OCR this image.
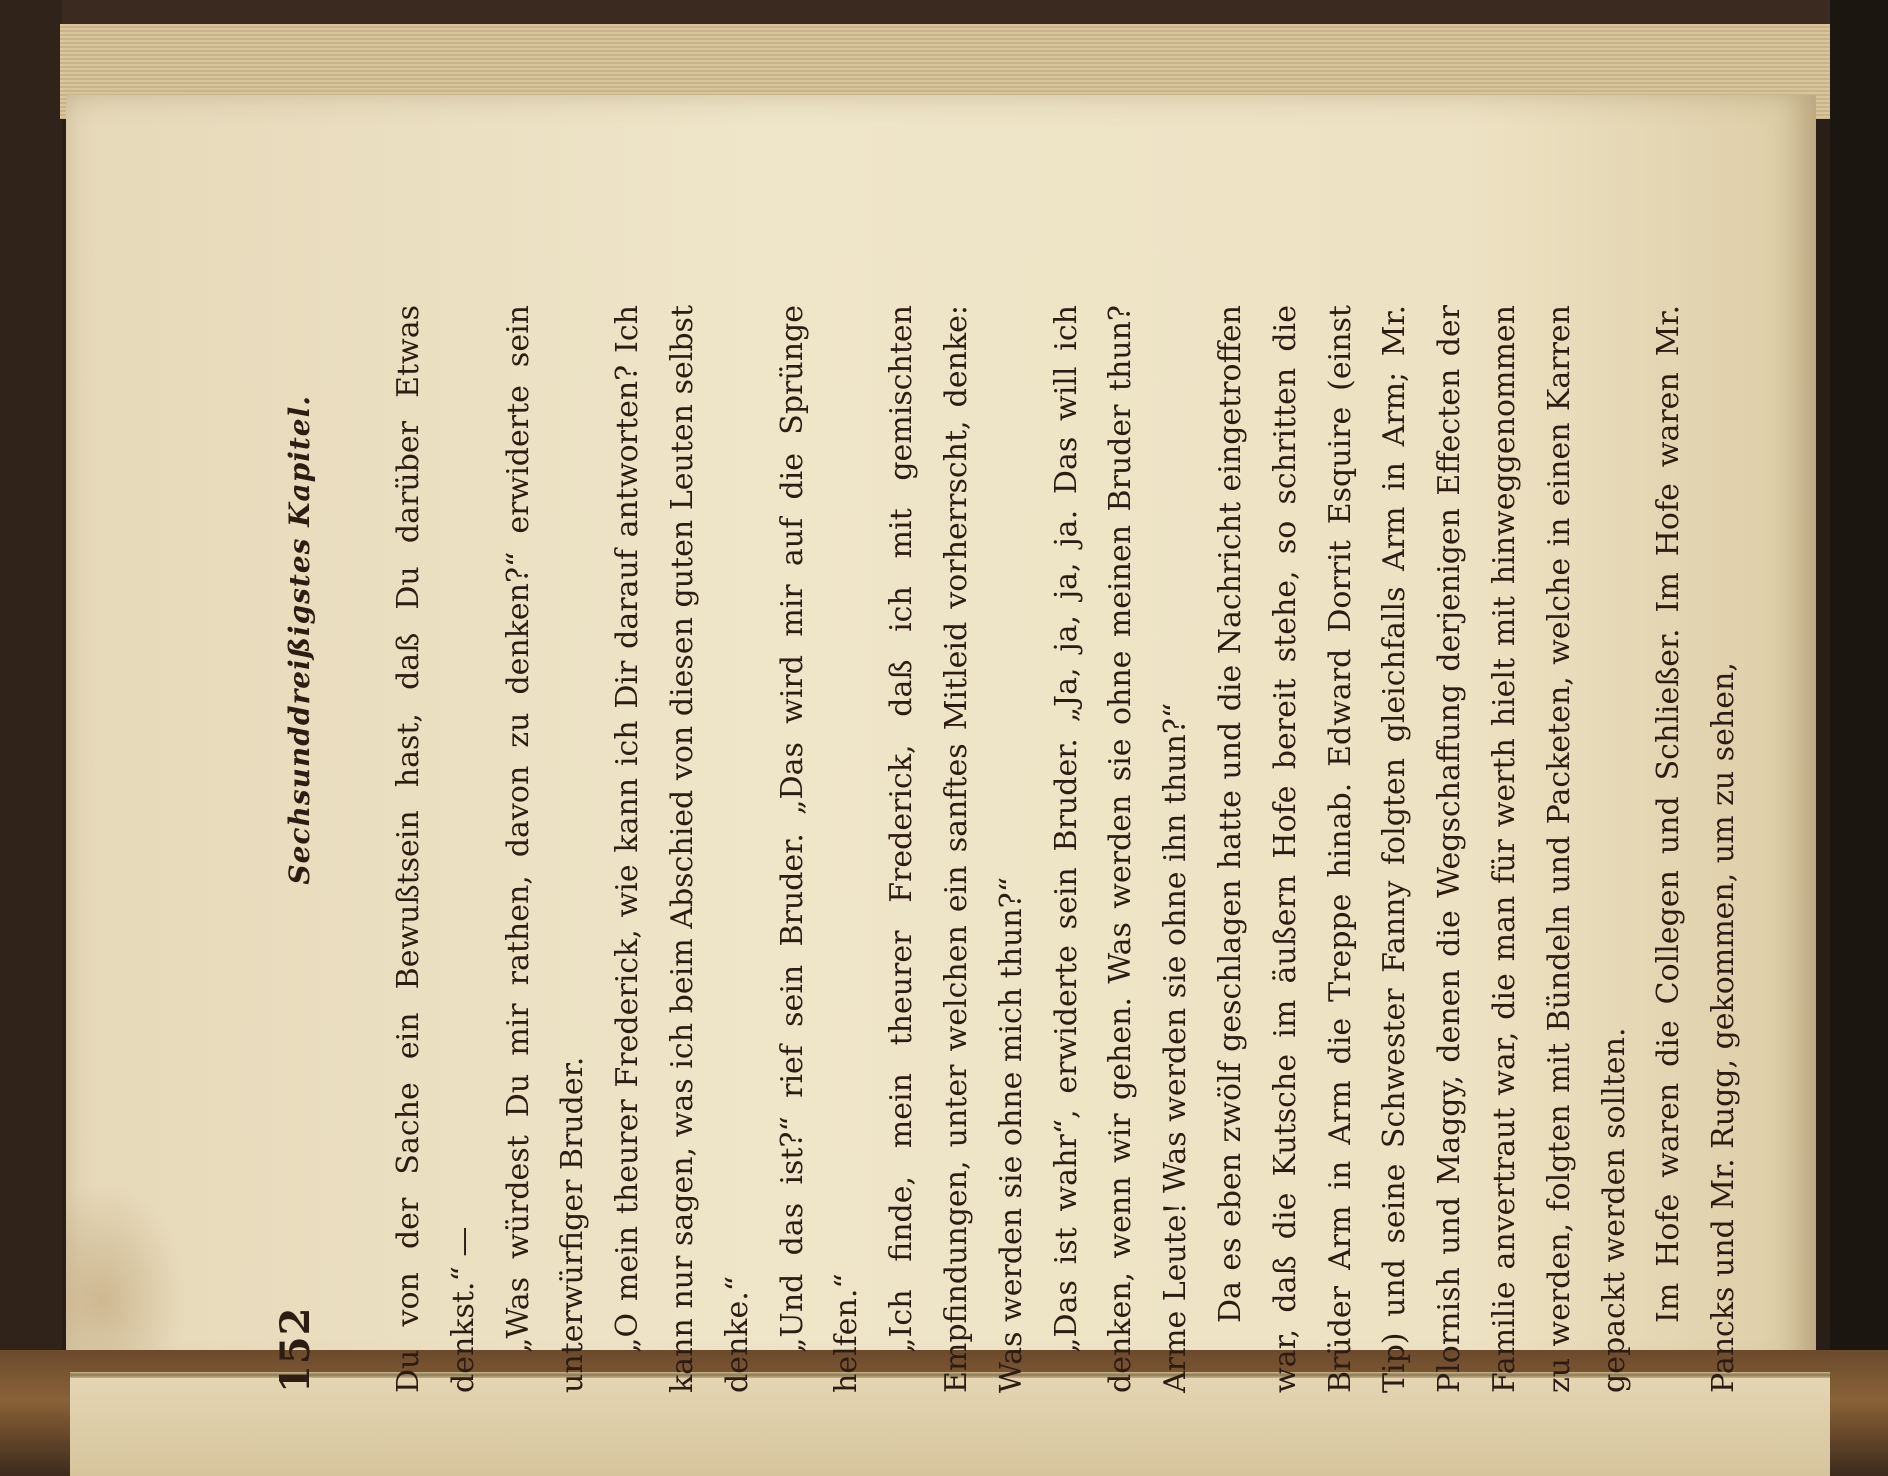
152
Sechsunddreißigstes Kapitel.	Du von der Sache ein Bewußtsein hast, daß Du darüber Etwas denkst.“ — „Was würdest Du mir rathen, davon zu denken?“ erwiderte sein unterwürfiger Bruder. „O mein theurer Frederick, wie kann ich Dir darauf antworten? Ich kann nur sagen, was ich beim Abschied von diesen guten Leuten selbst denke.“ „Und das ist?“ rief sein Bruder. „Das wird mir auf die Sprünge helfen.“ „Ich finde, mein theurer Frederick, daß ich mit gemischten Empfindungen, unter welchen ein sanftes Mitleid vorherrscht, denke: Was werden sie ohne mich thun?“ „Das ist wahr“, erwiderte sein Bruder. „Ja, ja, ja, ja. Das will ich denken, wenn wir gehen. Was werden sie ohne meinen Bruder thun? Arme Leute! Was werden sie ohne ihn thun?“ Da es eben zwölf geschlagen hatte und die Nachricht eingetroffen war, daß die Kutsche im äußern Hofe bereit stehe, so schritten die Brüder Arm in Arm die Treppe hinab. Edward Dorrit Esquire (einst Tip) und seine Schwester Fanny folgten gleichfalls Arm in Arm; Mr. Plornish und Maggy, denen die Wegschaffung derjenigen Effecten der Familie anvertraut war, die man für werth hielt mit hinweggenommen zu werden, folgten mit Bündeln und Packeten, welche in einen Karren gepackt werden sollten. Im Hofe waren die Collegen und Schließer. Im Hofe waren Mr. Pancks und Mr. Rugg, gekommen, um zu sehen,
